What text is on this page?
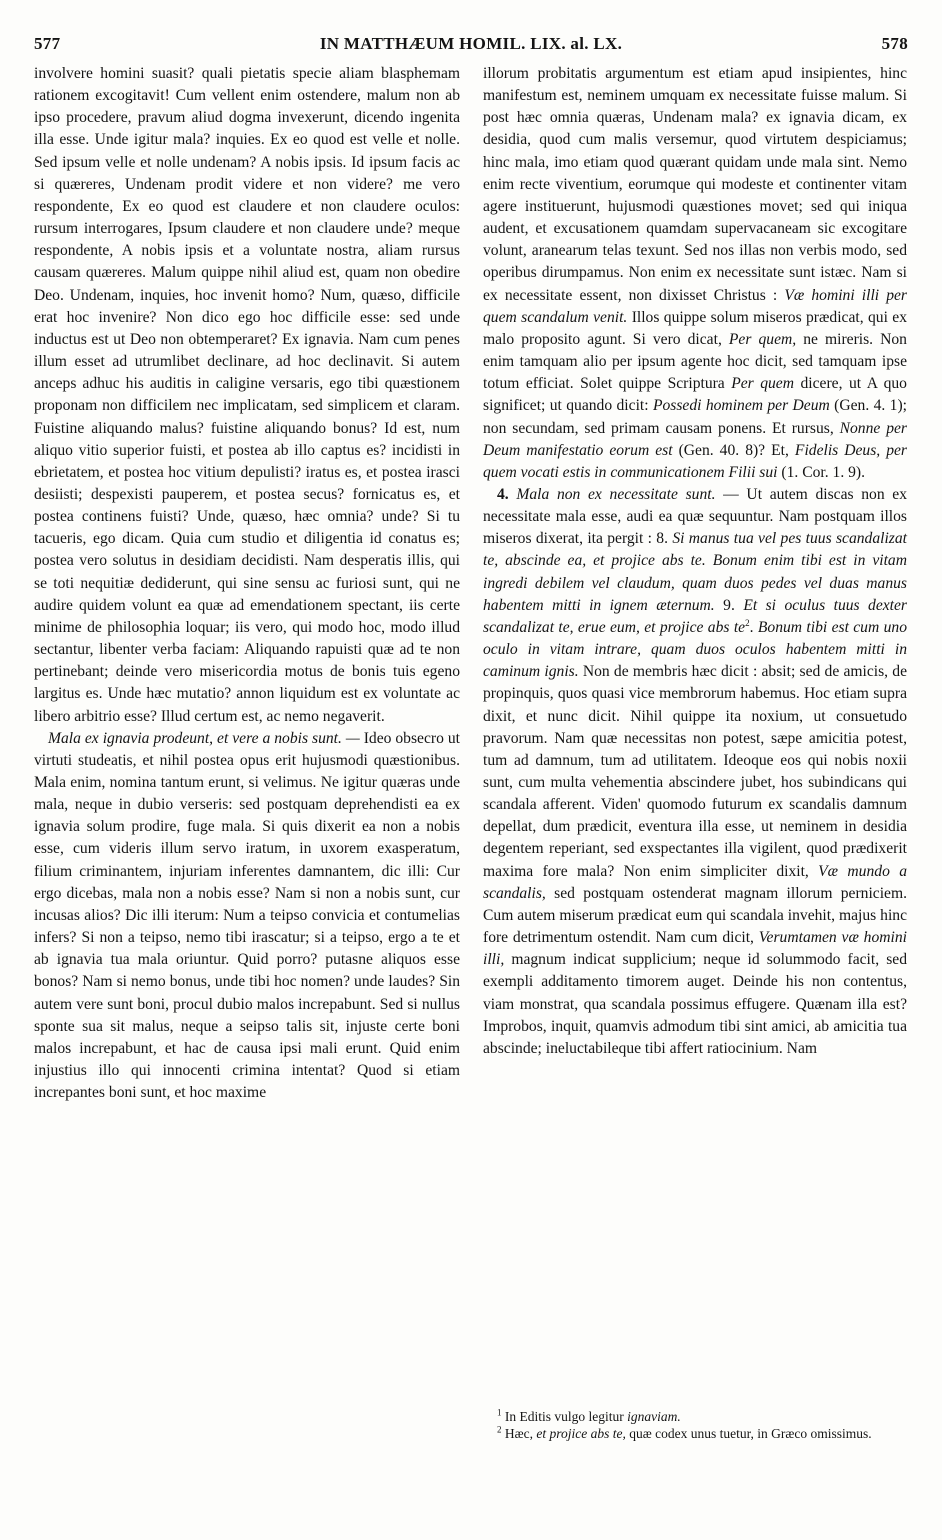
577	IN MATTHÆUM HOMIL. LIX. al. LX.	578

involvere homini suasit? quali pietatis specie aliam blasphemam rationem excogitavit! Cum vellent enim ostendere, malum non ab ipso procedere, pravum aliud dogma invexerunt, dicendo ingenita illa esse. Unde igitur mala? inquies. Ex eo quod est velle et nolle. Sed ipsum velle et nolle undenam? A nobis ipsis. Id ipsum facis ac si quæreres, Undenam prodit videre et non videre? me vero respondente, Ex eo quod est claudere et non claudere oculos: rursum interrogares, Ipsum claudere et non claudere unde? meque respondente, A nobis ipsis et a voluntate nostra, aliam rursus causam quæreres. Malum quippe nihil aliud est, quam non obedire Deo. Undenam, inquies, hoc invenit homo? Num, quæso, difficile erat hoc invenire? Non dico ego hoc difficile esse: sed unde inductus est ut Deo non obtemperaret? Ex ignavia. Nam cum penes illum esset ad utrumlibet declinare, ad hoc declinavit. Si autem anceps adhuc his auditis in caligine versaris, ego tibi quæstionem proponam non difficilem nec implicatam, sed simplicem et claram. Fuistine aliquando malus? fuistine aliquando bonus? Id est, num aliquo vitio superior fuisti, et postea ab illo captus es? incidisti in ebrietatem, et postea hoc vitium depulisti? iratus es, et postea irasci desiisti; despexisti pauperem, et postea secus? fornicatus es, et postea continens fuisti? Unde, quæso, hæc omnia? unde? Si tu tacueris, ego dicam. Quia cum studio et diligentia id conatus es; postea vero solutus in desidiam decidisti. Nam desperatis illis, qui se toti nequitiæ dediderunt, qui sine sensu ac furiosi sunt, qui ne audire quidem volunt ea quæ ad emendationem spectant, iis certe minime de philosophia loquar; iis vero, qui modo hoc, modo illud sectantur, libenter verba faciam: Aliquando rapuisti quæ ad te non pertinebant; deinde vero misericordia motus de bonis tuis egeno largitus es. Unde hæc mutatio? annon liquidum est ex voluntate ac libero arbitrio esse? Illud certum est, ac nemo negaverit.

Mala ex ignavia prodeunt, et vere a nobis sunt. — Ideo obsecro ut virtuti studeatis, et nihil postea opus erit hujusmodi quæstionibus. Mala enim, nomina tantum erunt, si velimus. Ne igitur quæras unde mala, neque in dubio verseris: sed postquam deprehendisti ea ex ignavia solum prodire, fuge mala. Si quis dixerit ea non a nobis esse, cum videris illum servo iratum, in uxorem exasperatum, filium criminantem, injuriam inferentes damnantem, dic illi: Cur ergo dicebas, mala non a nobis esse? Nam si non a nobis sunt, cur incusas alios? Dic illi iterum: Num a teipso convicia et contumelias infers? Si non a teipso, nemo tibi irascatur; si a teipso, ergo a te et ab ignavia tua mala oriuntur. Quid porro? putasne aliquos esse bonos? Nam si nemo bonus, unde tibi hoc nomen? unde laudes? Sin autem vere sunt boni, procul dubio malos increpabunt. Sed si nullus sponte sua sit malus, neque a seipso talis sit, injuste certe boni malos increpabunt, et hac de causa ipsi mali erunt. Quid enim injustius illo qui innocenti crimina intentat? Quod si etiam increpantes boni sunt, et hoc maxime

illorum probitatis argumentum est etiam apud insipientes, hinc manifestum est, neminem umquam ex necessitate fuisse malum. Si post hæc omnia quæras, Undenam mala? ex ignavia dicam, ex desidia, quod cum malis versemur, quod virtutem despiciamus; hinc mala, imo etiam quod quærant quidam unde mala sint. Nemo enim recte viventium, eorumque qui modeste et continenter vitam agere instituerunt, hujusmodi quæstiones movet; sed qui iniqua audent, et excusationem quamdam supervacaneam sic excogitare volunt, aranearum telas texunt. Sed nos illas non verbis modo, sed operibus dirumpamus. Non enim ex necessitate sunt istæc. Nam si ex necessitate essent, non dixisset Christus : Væ homini illi per quem scandalum venit. Illos quippe solum miseros prædicat, qui ex malo proposito agunt. Si vero dicat, Per quem, ne mireris. Non enim tamquam alio per ipsum agente hoc dicit, sed tamquam ipse totum efficiat. Solet quippe Scriptura Per quem dicere, ut A quo significet; ut quando dicit: Possedi hominem per Deum (Gen. 4. 1); non secundam, sed primam causam ponens. Et rursus, Nonne per Deum manifestatio eorum est (Gen. 40. 8)? Et, Fidelis Deus, per quem vocati estis in communicationem Filii sui (1. Cor. 1. 9).

4. Mala non ex necessitate sunt. — Ut autem discas non ex necessitate mala esse, audi ea quæ sequuntur. Nam postquam illos miseros dixerat, ita pergit : 8. Si manus tua vel pes tuus scandalizat te, abscinde ea, et projice abs te. Bonum enim tibi est in vitam ingredi debilem vel claudum, quam duos pedes vel duas manus habentem mitti in ignem æternum. 9. Et si oculus tuus dexter scandalizat te, erue eum, et projice abs $te^2$. Bonum tibi est cum uno oculo in vitam intrare, quam duos oculos habentem mitti in caminum ignis. Non de membris hæc dicit : absit; sed de amicis, de propinquis, quos quasi vice membrorum habemus. Hoc etiam supra dixit, et nunc dicit. Nihil quippe ita noxium, ut consuetudo pravorum. Nam quæ necessitas non potest, sæpe amicitia potest, tum ad damnum, tum ad utilitatem. Ideoque eos qui nobis noxii sunt, cum multa vehementia abscindere jubet, hos subindicans qui scandala afferent. Viden' quomodo futurum ex scandalis damnum depellat, dum prædicit, eventura illa esse, ut neminem in desidia degentem reperiant, sed exspectantes illa vigilent, quod prædixerit maxima fore mala? Non enim simpliciter dixit, Væ mundo a scandalis, sed postquam ostenderat magnam illorum perniciem. Cum autem miserum prædicat eum qui scandala invehit, majus hinc fore detrimentum ostendit. Nam cum dicit, Verumtamen væ homini illi, magnum indicat supplicium; neque id solummodo facit, sed exempli additamento timorem auget. Deinde his non contentus, viam monstrat, qua scandala possimus effugere. Quænam illa est? Improbos, inquit, quamvis admodum tibi sint amici, ab amicitia tua abscinde; ineluctabileque tibi affert ratiocinium. Nam

$^1$ In Editis vulgo legitur ignaviam.

$^2$ Hæc, et projice abs te, quæ codex unus tuetur, in Græco omissimus.
